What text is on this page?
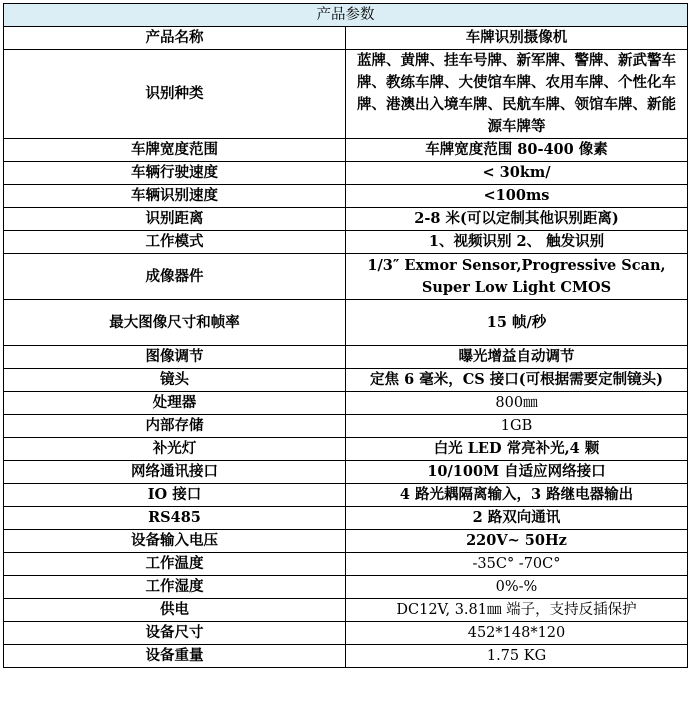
产品参数	
产品名称	车牌识别摄像机
识别种类	蓝牌、黄牌、挂车号牌、新军牌、警牌、新武警车牌、教练车牌、大使馆车牌、农用车牌、个性化车牌、港澳出入境车牌、民航车牌、领馆车牌、新能源车牌等
车牌宽度范围	车牌宽度范围 80-400 像素
车辆行驶速度	< 30km/
车辆识别速度	<100ms
识别距离	2-8 米(可以定制其他识别距离)
工作模式	1、视频识别 2、 触发识别
成像器件	1/3″ Exmor Sensor,Progressive Scan, Super Low Light CMOS
最大图像尺寸和帧率	15 帧/秒
图像调节	曝光增益自动调节
镜头	定焦 6 毫米，CS 接口(可根据需要定制镜头)
处理器	800㎜
内部存储	1GB
补光灯	白光 LED 常亮补光,4 颗
网络通讯接口	10/100M 自适应网络接口
IO 接口	4 路光耦隔离输入，3 路继电器输出
RS485	2 路双向通讯
设备输入电压	220V~ 50Hz
工作温度	-35C° -70C°
工作湿度	0%-%
供电	DC12V, 3.81㎜ 端子，支持反插保护
设备尺寸	452*148*120
设备重量	1.75 KG
